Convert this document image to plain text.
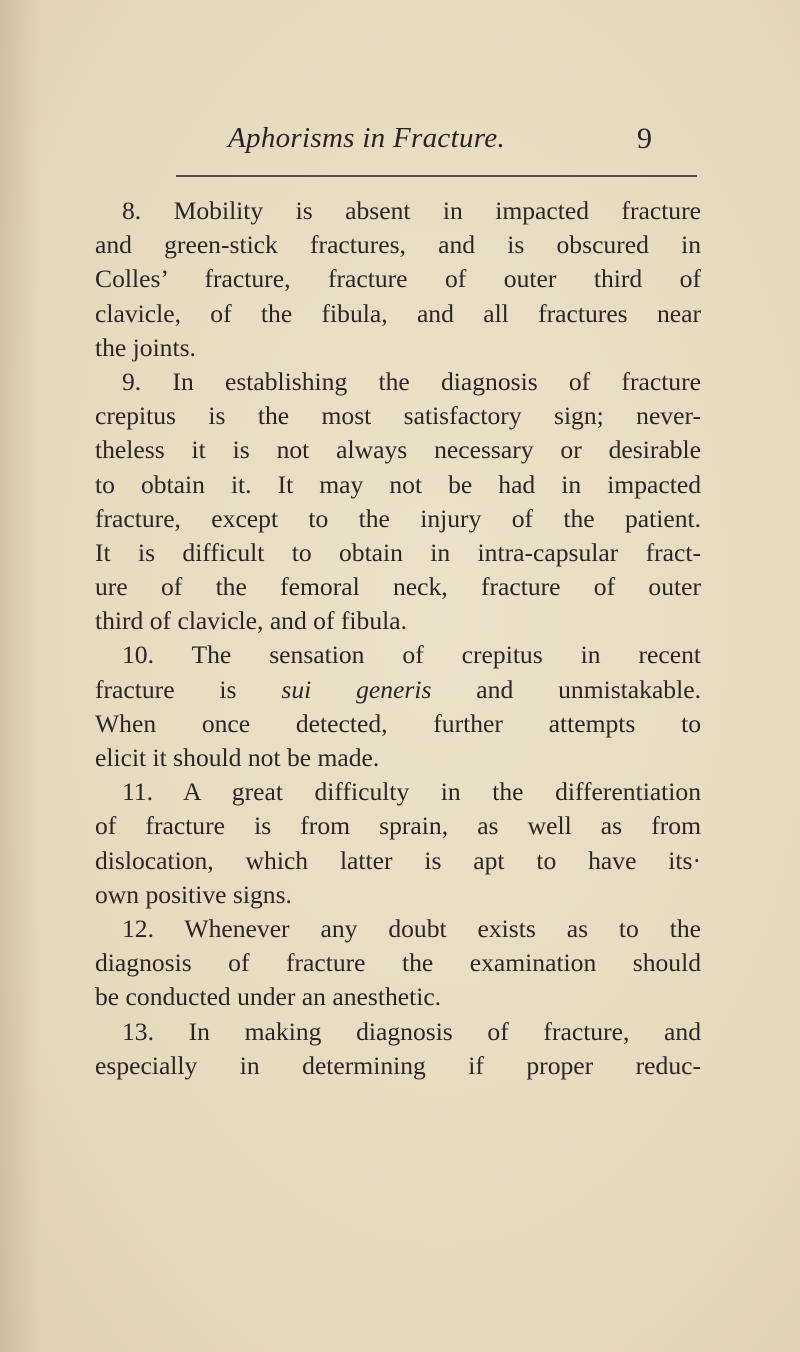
Aphorisms in Fracture.	9
8. Mobility is absent in impacted fracture
and green-stick fractures, and is obscured in
Colles’ fracture, fracture of outer third of
clavicle, of the fibula, and all fractures near
the joints.
9. In establishing the diagnosis of fracture
crepitus is the most satisfactory sign; never-
theless it is not always necessary or desirable
to obtain it. It may not be had in impacted
fracture, except to the injury of the patient.
It is difficult to obtain in intra-capsular fract-
ure of the femoral neck, fracture of outer
third of clavicle, and of fibula.
10. The sensation of crepitus in recent
fracture is sui generis and unmistakable.
When once detected, further attempts to
elicit it should not be made.
11. A great difficulty in the differentiation
of fracture is from sprain, as well as from
dislocation, which latter is apt to have its·
own positive signs.
12. Whenever any doubt exists as to the
diagnosis of fracture the examination should
be conducted under an anesthetic.
13. In making diagnosis of fracture, and
especially in determining if proper reduc-
